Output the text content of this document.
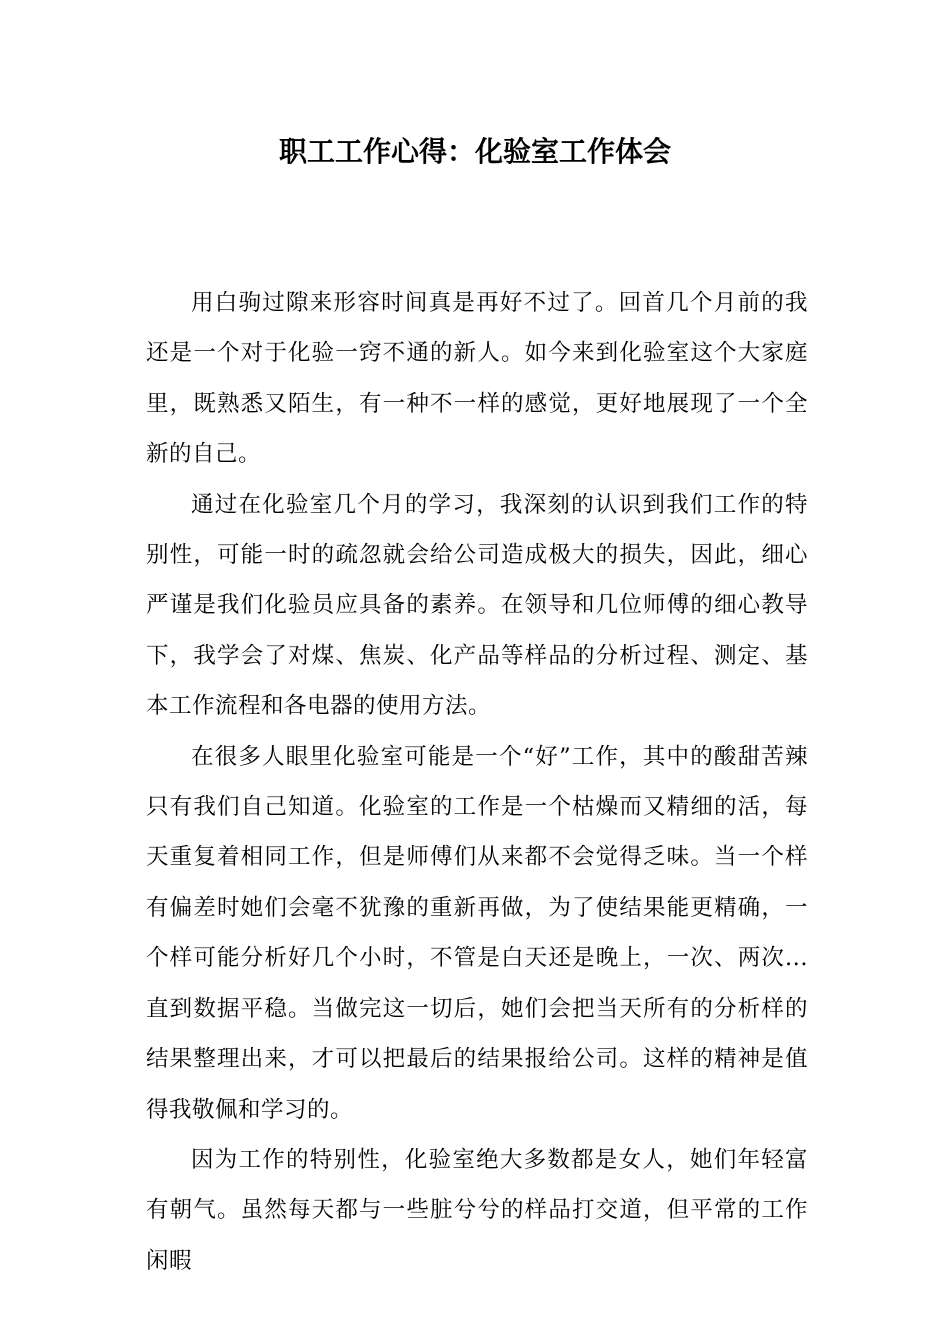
职工工作心得：化验室工作体会

用白驹过隙来形容时间真是再好不过了。回首几个月前的我还是一个对于化验一窍不通的新人。如今来到化验室这个大家庭里，既熟悉又陌生，有一种不一样的感觉，更好地展现了一个全新的自己。

通过在化验室几个月的学习，我深刻的认识到我们工作的特别性，可能一时的疏忽就会给公司造成极大的损失，因此，细心严谨是我们化验员应具备的素养。在领导和几位师傅的细心教导下，我学会了对煤、焦炭、化产品等样品的分析过程、测定、基本工作流程和各电器的使用方法。

在很多人眼里化验室可能是一个“好”工作，其中的酸甜苦辣只有我们自己知道。化验室的工作是一个枯燥而又精细的活，每天重复着相同工作，但是师傅们从来都不会觉得乏味。当一个样有偏差时她们会毫不犹豫的重新再做，为了使结果能更精确，一个样可能分析好几个小时，不管是白天还是晚上，一次、两次...直到数据平稳。当做完这一切后，她们会把当天所有的分析样的结果整理出来，才可以把最后的结果报给公司。这样的精神是值得我敬佩和学习的。

因为工作的特别性，化验室绝大多数都是女人，她们年轻富有朝气。虽然每天都与一些脏兮兮的样品打交道，但平常的工作闲暇
